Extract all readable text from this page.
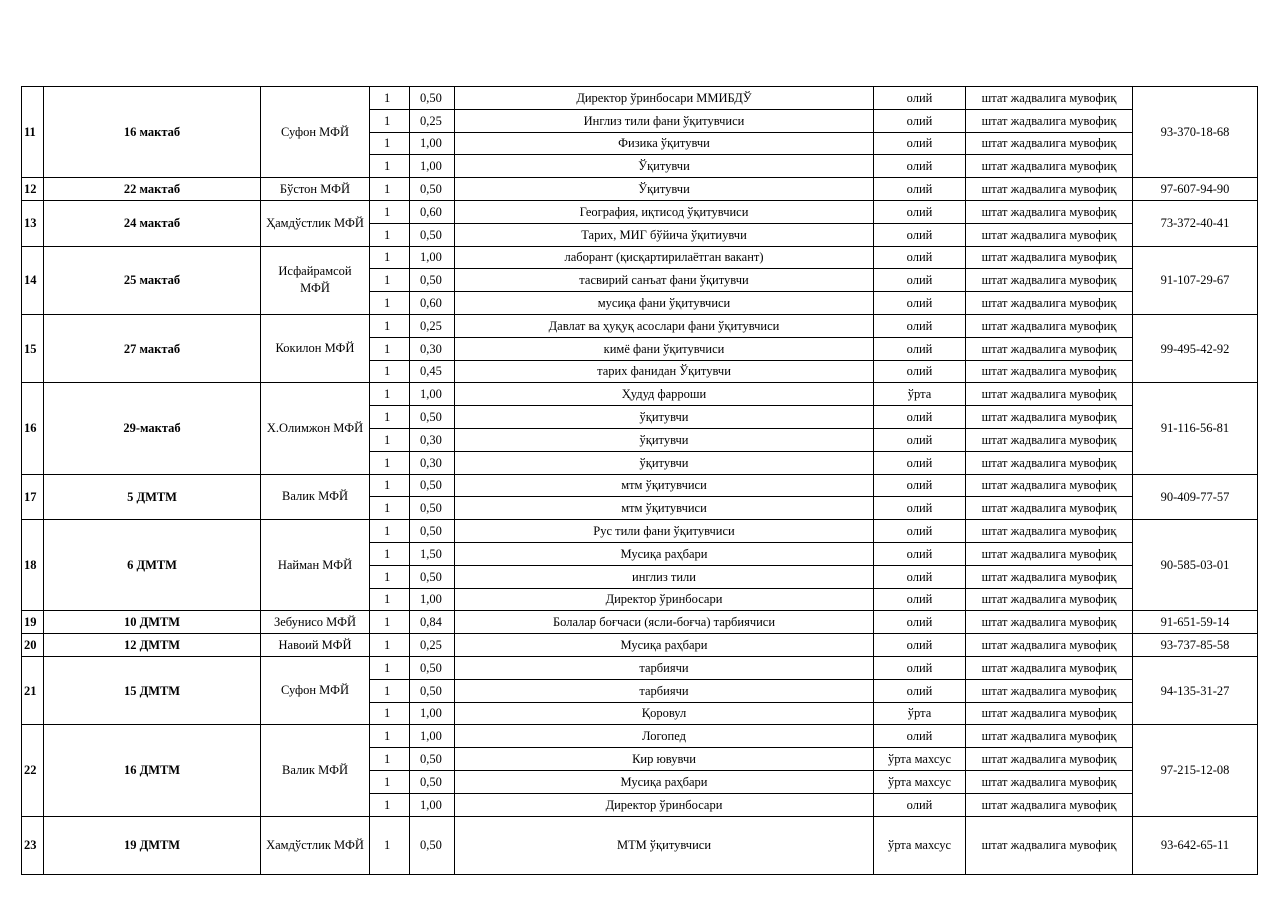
11	16 мактаб	Суфон МФЙ	1	0,50	Директор ўринбосари ММИБДЎ	олий	штат жадвалига мувофиқ	93-370-18-68
			1	0,25	Инглиз тили фани ўқитувчиси	олий	штат жадвалига мувофиқ	
			1	1,00	Физика ўқитувчи	олий	штат жадвалига мувофиқ	
			1	1,00	Ўқитувчи	олий	штат жадвалига мувофиқ	
12	22 мактаб	Бўстон МФЙ	1	0,50	Ўқитувчи	олий	штат жадвалига мувофиқ	97-607-94-90
13	24 мактаб	Ҳамдўстлик МФЙ	1	0,60	География, иқтисод ўқитувчиси	олий	штат жадвалига мувофиқ	73-372-40-41
			1	0,50	Тарих, МИГ бўйича ўқитиувчи	олий	штат жадвалига мувофиқ	
14	25 мактаб	Исфайрамсой МФЙ	1	1,00	лаборант (қисқартирилаётган вакант)	олий	штат жадвалига мувофиқ	91-107-29-67
			1	0,50	тасвирий санъат фани ўқитувчи	олий	штат жадвалига мувофиқ	
			1	0,60	мусиқа фани ўқитувчиси	олий	штат жадвалига мувофиқ	
15	27 мактаб	Кокилон МФЙ	1	0,25	Давлат ва ҳуқуқ асослари фани ўқитувчиси	олий	штат жадвалига мувофиқ	99-495-42-92
			1	0,30	кимё фани ўқитувчиси	олий	штат жадвалига мувофиқ	
			1	0,45	тарих фанидан Ўқитувчи	олий	штат жадвалига мувофиқ	
16	29-мактаб	Х.Олимжон МФЙ	1	1,00	Ҳудуд фарроши	ўрта	штат жадвалига мувофиқ	91-116-56-81
			1	0,50	ўқитувчи	олий	штат жадвалига мувофиқ	
			1	0,30	ўқитувчи	олий	штат жадвалига мувофиқ	
			1	0,30	ўқитувчи	олий	штат жадвалига мувофиқ	
17	5 ДМТМ	Валик МФЙ	1	0,50	мтм ўқитувчиси	олий	штат жадвалига мувофиқ	90-409-77-57
			1	0,50	мтм ўқитувчиси	олий	штат жадвалига мувофиқ	
18	6 ДМТМ	Найман МФЙ	1	0,50	Рус тили фани ўқитувчиси	олий	штат жадвалига мувофиқ	90-585-03-01
			1	1,50	Мусиқа раҳбари	олий	штат жадвалига мувофиқ	
			1	0,50	инглиз тили	олий	штат жадвалига мувофиқ	
			1	1,00	Директор ўринбосари	олий	штат жадвалига мувофиқ	
19	10 ДМТМ	Зебунисо МФЙ	1	0,84	Болалар боғчаси (ясли-боғча) тарбиячиси	олий	штат жадвалига мувофиқ	91-651-59-14
20	12 ДМТМ	Навоий МФЙ	1	0,25	Мусиқа раҳбари	олий	штат жадвалига мувофиқ	93-737-85-58
21	15 ДМТМ	Суфон МФЙ	1	0,50	тарбиячи	олий	штат жадвалига мувофиқ	94-135-31-27
			1	0,50	тарбиячи	олий	штат жадвалига мувофиқ	
			1	1,00	Қоровул	ўрта	штат жадвалига мувофиқ	
22	16 ДМТМ	Валик МФЙ	1	1,00	Логопед	олий	штат жадвалига мувофиқ	97-215-12-08
			1	0,50	Кир ювувчи	ўрта махсус	штат жадвалига мувофиқ	
			1	0,50	Мусиқа раҳбари	ўрта махсус	штат жадвалига мувофиқ	
			1	1,00	Директор ўринбосари	олий	штат жадвалига мувофиқ	
23	19 ДМТМ	Хамдўстлик МФЙ	1	0,50	МТМ ўқитувчиси	ўрта махсус	штат жадвалига мувофиқ	93-642-65-11
